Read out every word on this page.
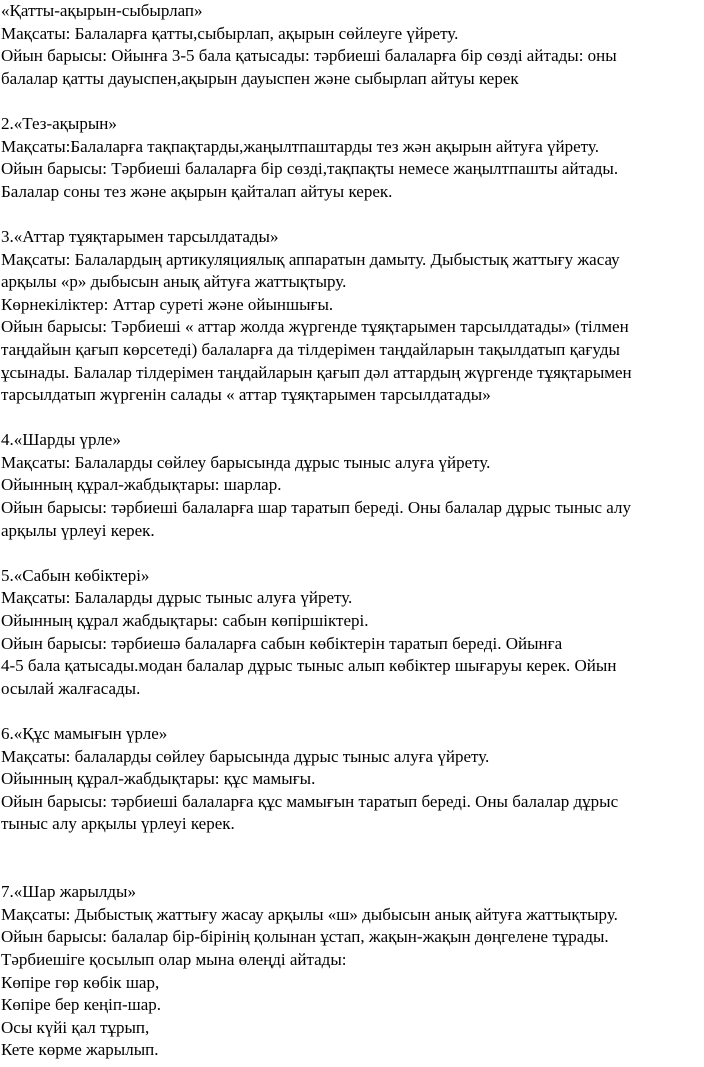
«Қатты-ақырын-сыбырлап»
Мақсаты: Балаларға қатты,сыбырлап, ақырын сөйлеуге үйрету.
Ойын барысы: Ойынға 3-5 бала қатысады: тәрбиеші балаларға бір сөзді айтады: оны
балалар қатты дауыспен,ақырын дауыспен және сыбырлап айтуы керек
2.«Тез-ақырын»
Мақсаты:Балаларға тақпақтарды,жаңылтпаштарды тез жән ақырын айтуға үйрету.
Ойын барысы: Тәрбиеші балаларға бір сөзді,тақпақты немесе жаңылтпашты айтады.
Балалар соны тез және ақырын қайталап айтуы керек.
3.«Аттар тұяқтарымен тарсылдатады»
Мақсаты: Балалардың артикуляциялық аппаратын дамыту. Дыбыстық жаттығу жасау
арқылы «р» дыбысын анық айтуға жаттықтыру.
Көрнекіліктер: Аттар суреті және ойыншығы.
Ойын барысы: Тәрбиеші « аттар жолда жүргенде тұяқтарымен тарсылдатады» (тілмен
таңдайын қағып көрсетеді) балаларға да тілдерімен таңдайларын тақылдатып қағуды
ұсынады. Балалар тілдерімен таңдайларын қағып дәл аттардың жүргенде тұяқтарымен
тарсылдатып жүргенін салады « аттар тұяқтарымен тарсылдатады»
4.«Шарды үрле»
Мақсаты: Балаларды сөйлеу барысында дұрыс тыныс алуға үйрету.
Ойынның құрал-жабдықтары: шарлар.
Ойын барысы: тәрбиеші балаларға шар таратып береді. Оны балалар дұрыс тыныс алу
арқылы үрлеуі керек.
5.«Сабын көбіктері»
Мақсаты: Балаларды дұрыс тыныс алуға үйрету.
Ойынның құрал жабдықтары: сабын көпіршіктері.
Ойын барысы: тәрбиешә балаларға сабын көбіктерін таратып береді. Ойынға
4-5 бала қатысады.модан балалар дұрыс тыныс алып көбіктер шығаруы керек. Ойын
осылай жалғасады.
6.«Құс мамығын үрле»
Мақсаты: балаларды сөйлеу барысында дұрыс тыныс алуға үйрету.
Ойынның құрал-жабдықтары: құс мамығы.
Ойын барысы: тәрбиеші балаларға құс мамығын таратып береді. Оны балалар дұрыс
тыныс алу арқылы үрлеуі керек.
7.«Шар жарылды»
Мақсаты: Дыбыстық жаттығу жасау арқылы «ш» дыбысын анық айтуға жаттықтыру.
Ойын барысы: балалар бір-бірінің қолынан ұстап, жақын-жақын дөңгелене тұрады.
Тәрбиешіге қосылып олар мына өлеңді айтады:
Көпіре гөр көбік шар,
Көпіре бер кеңіп-шар.
Осы күйі қал тұрып,
Кете көрме жарылып.
